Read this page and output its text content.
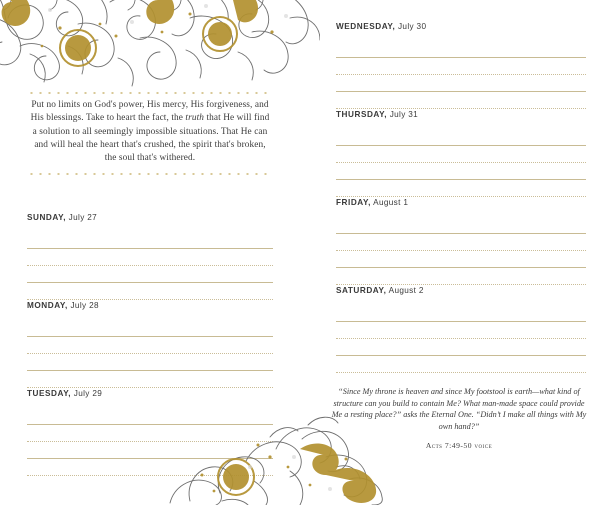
Put no limits on God's power, His mercy, His forgiveness, and His blessings. Take to heart the fact, the truth that He will find a solution to all seemingly impossible situations. That He can and will heal the heart that's crushed, the spirit that's broken, the soul that's withered.

SUNDAY, July 27
MONDAY, July 28
TUESDAY, July 29
WEDNESDAY, July 30
THURSDAY, July 31
FRIDAY, August 1
SATURDAY, August 2

“Since My throne is heaven and since My footstool is earth—what kind of structure can you build to contain Me? What man-made space could provide Me a resting place?” asks the Eternal One. “Didn’t I make all things with My own hand?”

Acts 7:49-50 voice
